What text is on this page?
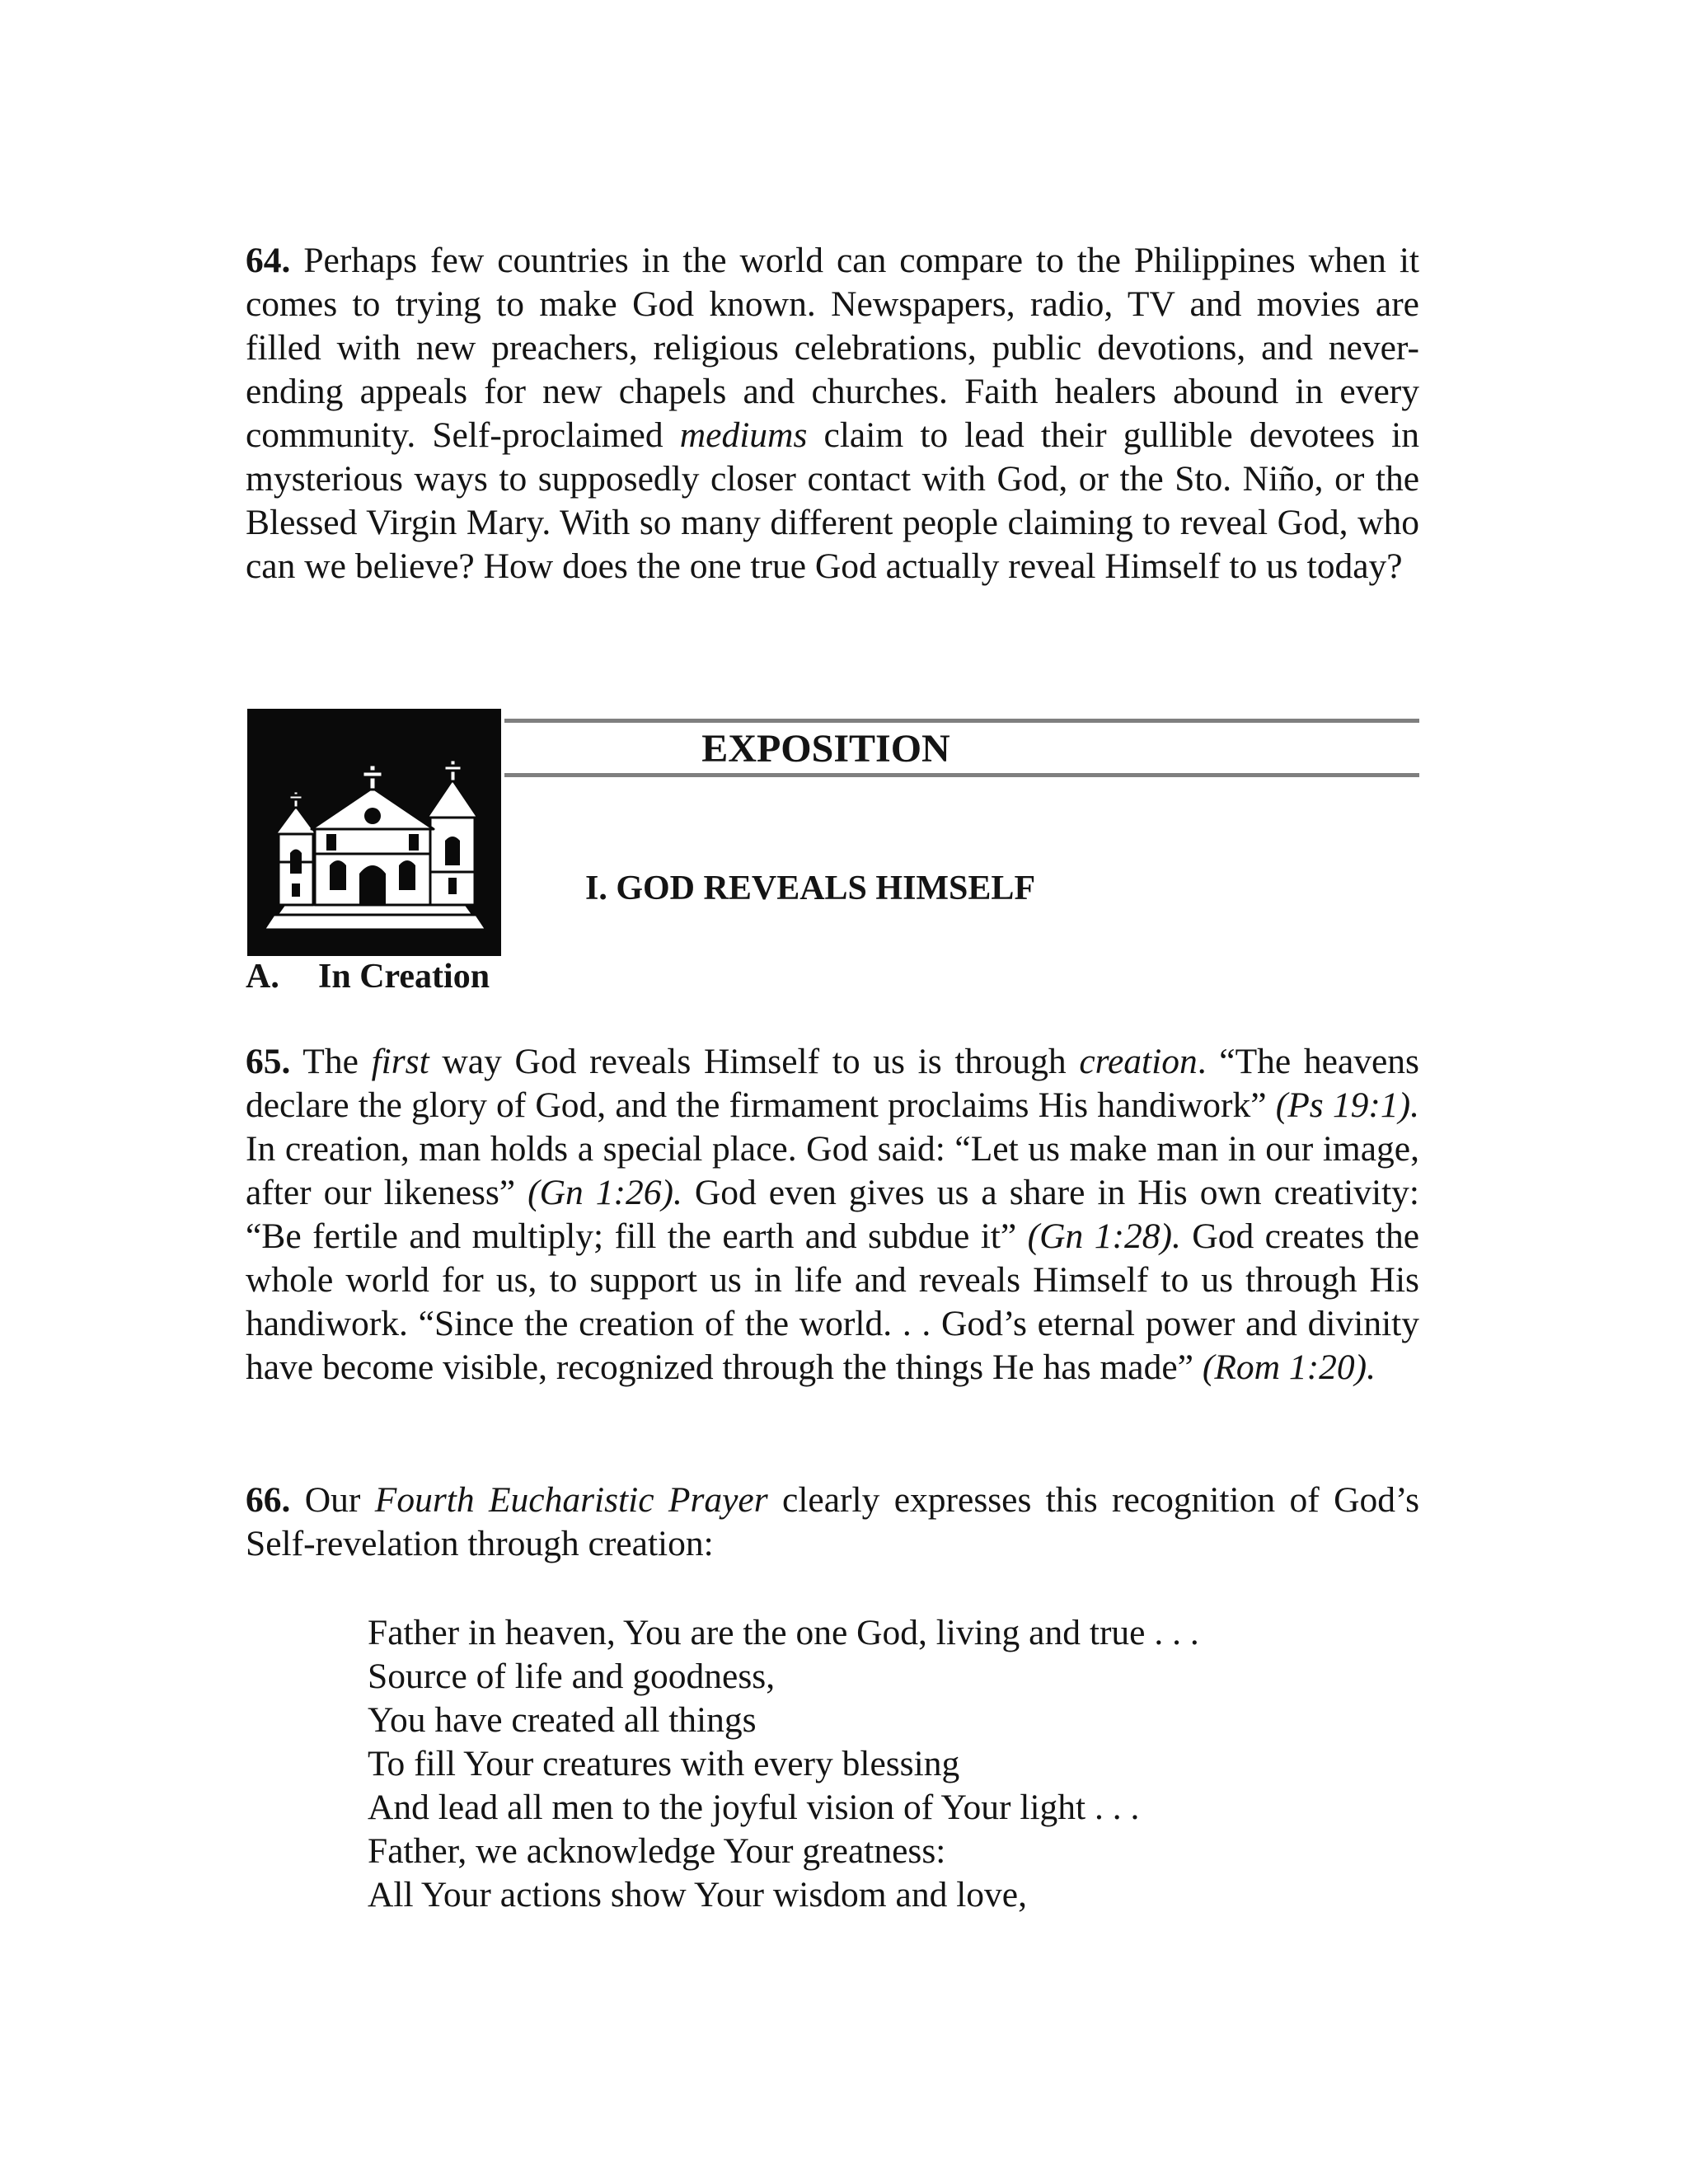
64. Perhaps few countries in the world can compare to the Philippines when it comes to trying to make God known. Newspapers, radio, TV and movies are filled with new preachers, religious celebrations, public devotions, and never-ending appeals for new chapels and churches. Faith healers abound in every community. Self-proclaimed mediums claim to lead their gullible devotees in mysterious ways to supposedly closer contact with God, or the Sto. Niño, or the Blessed Virgin Mary. With so many different people claiming to reveal God, who can we believe? How does the one true God actually reveal Himself to us today?

EXPOSITION
I. GOD REVEALS HIMSELF
A. In Creation

65. The first way God reveals Himself to us is through creation. “The heavens declare the glory of God, and the firmament proclaims His handiwork” (Ps 19:1). In creation, man holds a special place. God said: “Let us make man in our image, after our likeness” (Gn 1:26). God even gives us a share in His own creativity: “Be fertile and multiply; fill the earth and subdue it” (Gn 1:28). God creates the whole world for us, to support us in life and reveals Himself to us through His handiwork. “Since the creation of the world. . . God’s eternal power and divinity have become visible, recognized through the things He has made” (Rom 1:20).

66. Our Fourth Eucharistic Prayer clearly expresses this recognition of God’s Self-revelation through creation:

Father in heaven, You are the one God, living and true . . .
Source of life and goodness,
You have created all things
To fill Your creatures with every blessing
And lead all men to the joyful vision of Your light . . .
Father, we acknowledge Your greatness:
All Your actions show Your wisdom and love,
